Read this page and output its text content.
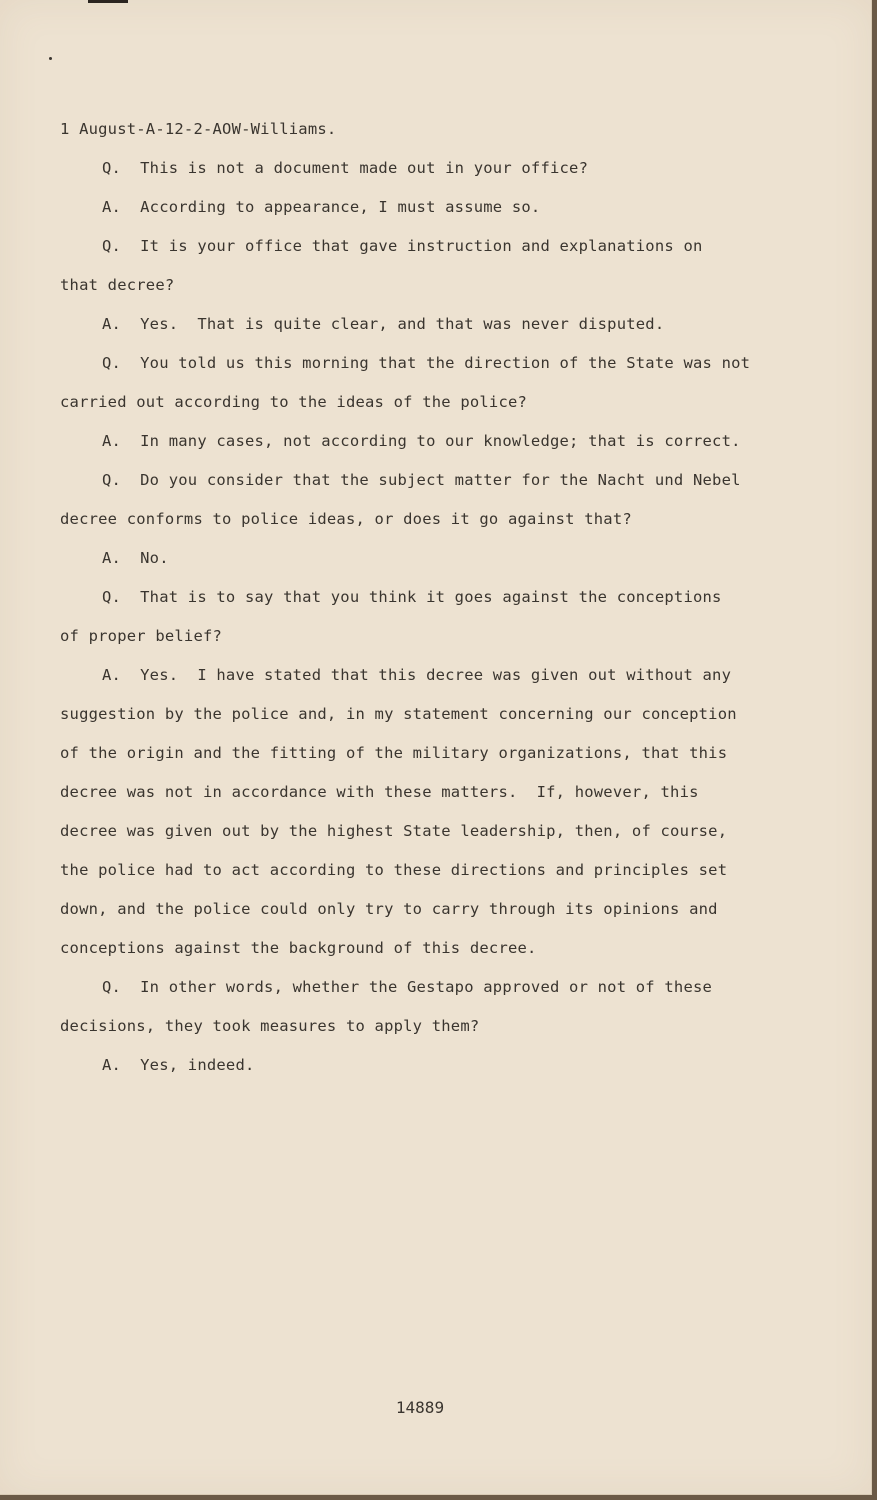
1 August-A-12-2-AOW-Williams.
Q.  This is not a document made out in your office?
A.  According to appearance, I must assume so.
Q.  It is your office that gave instruction and explanations on
that decree?
A.  Yes.  That is quite clear, and that was never disputed.
Q.  You told us this morning that the direction of the State was not
carried out according to the ideas of the police?
A.  In many cases, not according to our knowledge; that is correct.
Q.  Do you consider that the subject matter for the Nacht und Nebel
decree conforms to police ideas, or does it go against that?
A.  No.
Q.  That is to say that you think it goes against the conceptions
of proper belief?
A.  Yes.  I have stated that this decree was given out without any
suggestion by the police and, in my statement concerning our conception
of the origin and the fitting of the military organizations, that this
decree was not in accordance with these matters.  If, however, this
decree was given out by the highest State leadership, then, of course,
the police had to act according to these directions and principles set
down, and the police could only try to carry through its opinions and
conceptions against the background of this decree.
Q.  In other words, whether the Gestapo approved or not of these
decisions, they took measures to apply them?
A.  Yes, indeed.
14889
